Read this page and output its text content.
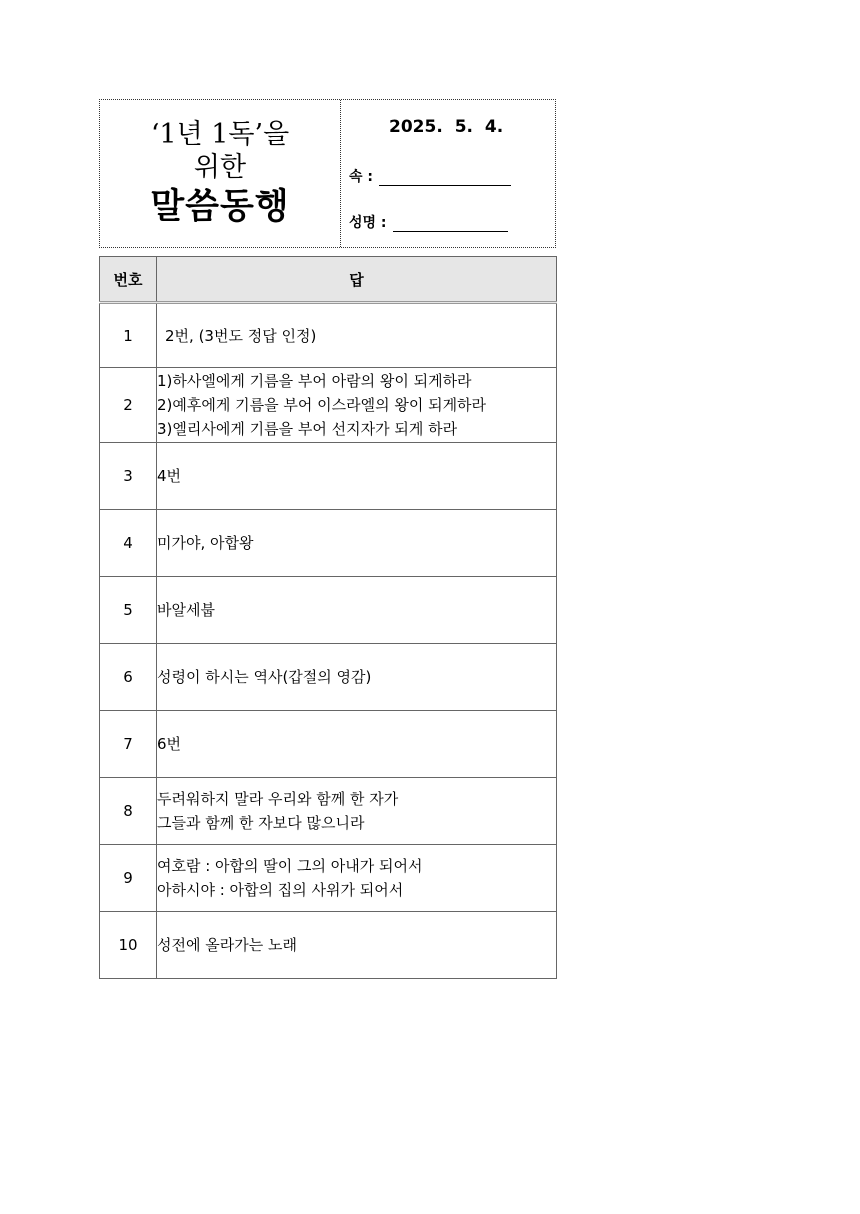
‘1년 1독’을
위한
말씀동행
2025. 5. 4.
속 :
성명 :
번호	답
1	2번, (3번도 정답 인정)

2	1)하사엘에게 기름을 부어 아람의 왕이 되게하라
2)예후에게 기름을 부어 이스라엘의 왕이 되게하라
3)엘리사에게 기름을 부어 선지자가 되게 하라

3	4번

4	미가야, 아합왕

5	바알세붑

6	성령이 하시는 역사(갑절의 영감)

7	6번

8	두려워하지 말라 우리와 함께 한 자가
그들과 함께 한 자보다 많으니라

9	여호람 : 아합의 딸이 그의 아내가 되어서
아하시야 : 아합의 집의 사위가 되어서

10	성전에 올라가는 노래
